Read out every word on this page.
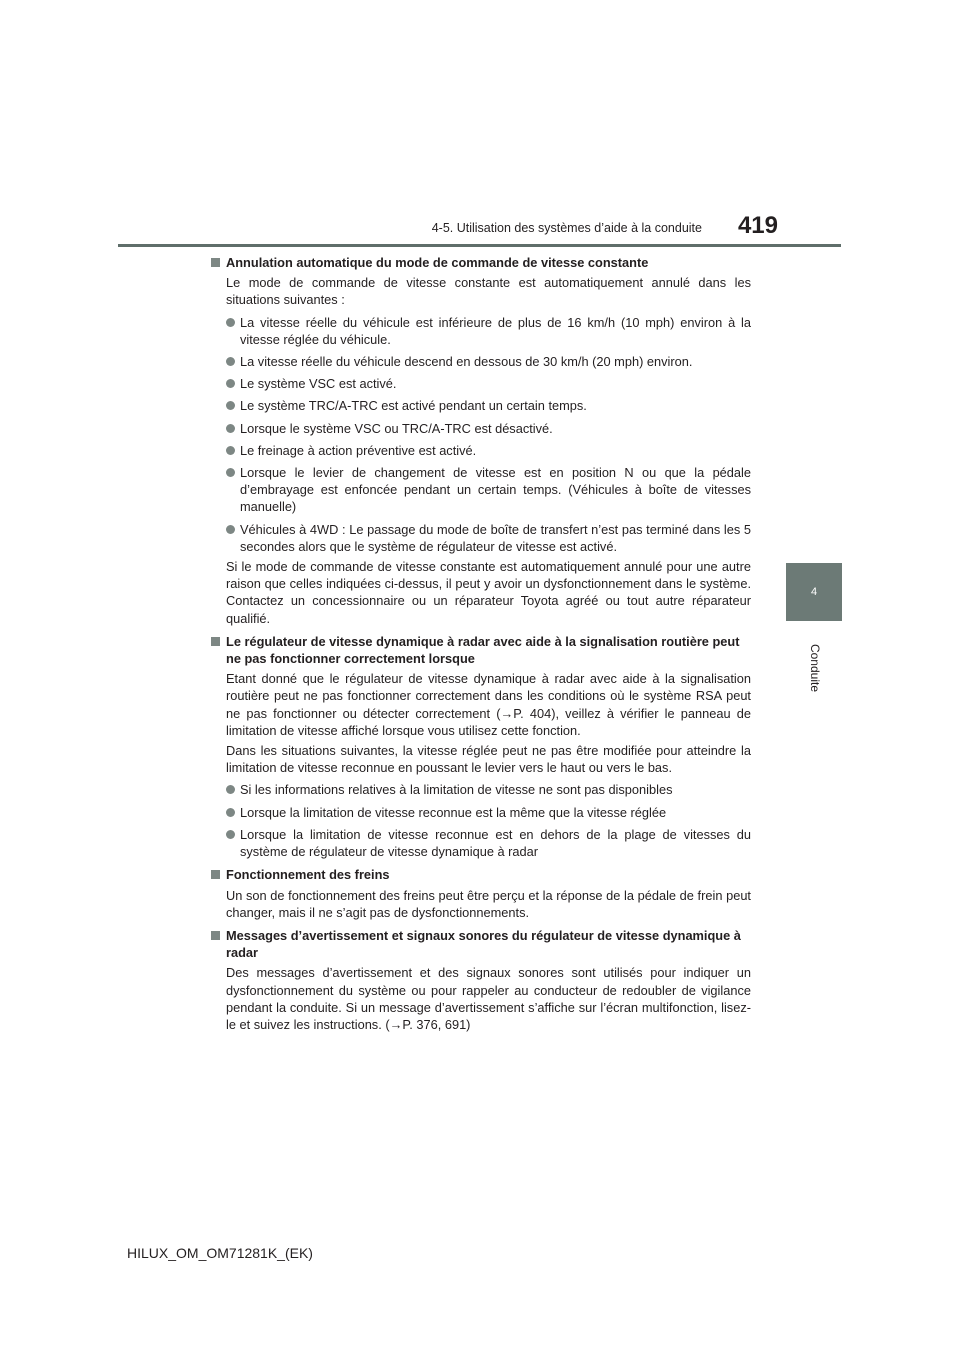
4-5. Utilisation des systèmes d’aide à la conduite	419
4
Conduite
Annulation automatique du mode de commande de vitesse constante
Le mode de commande de vitesse constante est automatiquement annulé dans les situations suivantes :
La vitesse réelle du véhicule est inférieure de plus de 16 km/h (10 mph) environ à la vitesse réglée du véhicule.
La vitesse réelle du véhicule descend en dessous de 30 km/h (20 mph) environ.
Le système VSC est activé.
Le système TRC/A-TRC est activé pendant un certain temps.
Lorsque le système VSC ou TRC/A-TRC est désactivé.
Le freinage à action préventive est activé.
Lorsque le levier de changement de vitesse est en position N ou que la pédale d’embrayage est enfoncée pendant un certain temps. (Véhicules à boîte de vitesses manuelle)
Véhicules à 4WD : Le passage du mode de boîte de transfert n’est pas terminé dans les 5 secondes alors que le système de régulateur de vitesse est activé.
Si le mode de commande de vitesse constante est automatiquement annulé pour une autre raison que celles indiquées ci-dessus, il peut y avoir un dysfonctionnement dans le système. Contactez un concessionnaire ou un réparateur Toyota agréé ou tout autre réparateur qualifié.
Le régulateur de vitesse dynamique à radar avec aide à la signalisation routière peut ne pas fonctionner correctement lorsque
Etant donné que le régulateur de vitesse dynamique à radar avec aide à la signalisation routière peut ne pas fonctionner correctement dans les conditions où le système RSA peut ne pas fonctionner ou détecter correctement (→P. 404), veillez à vérifier le panneau de limitation de vitesse affiché lorsque vous utilisez cette fonction.
Dans les situations suivantes, la vitesse réglée peut ne pas être modifiée pour atteindre la limitation de vitesse reconnue en poussant le levier vers le haut ou vers le bas.
Si les informations relatives à la limitation de vitesse ne sont pas disponibles
Lorsque la limitation de vitesse reconnue est la même que la vitesse réglée
Lorsque la limitation de vitesse reconnue est en dehors de la plage de vitesses du système de régulateur de vitesse dynamique à radar
Fonctionnement des freins
Un son de fonctionnement des freins peut être perçu et la réponse de la pédale de frein peut changer, mais il ne s’agit pas de dysfonctionnements.
Messages d’avertissement et signaux sonores du régulateur de vitesse dynamique à radar
Des messages d’avertissement et des signaux sonores sont utilisés pour indiquer un dysfonctionnement du système ou pour rappeler au conducteur de redoubler de vigilance pendant la conduite. Si un message d’avertissement s’affiche sur l’écran multifonction, lisez-le et suivez les instructions. (→P. 376, 691)
HILUX_OM_OM71281K_(EK)
